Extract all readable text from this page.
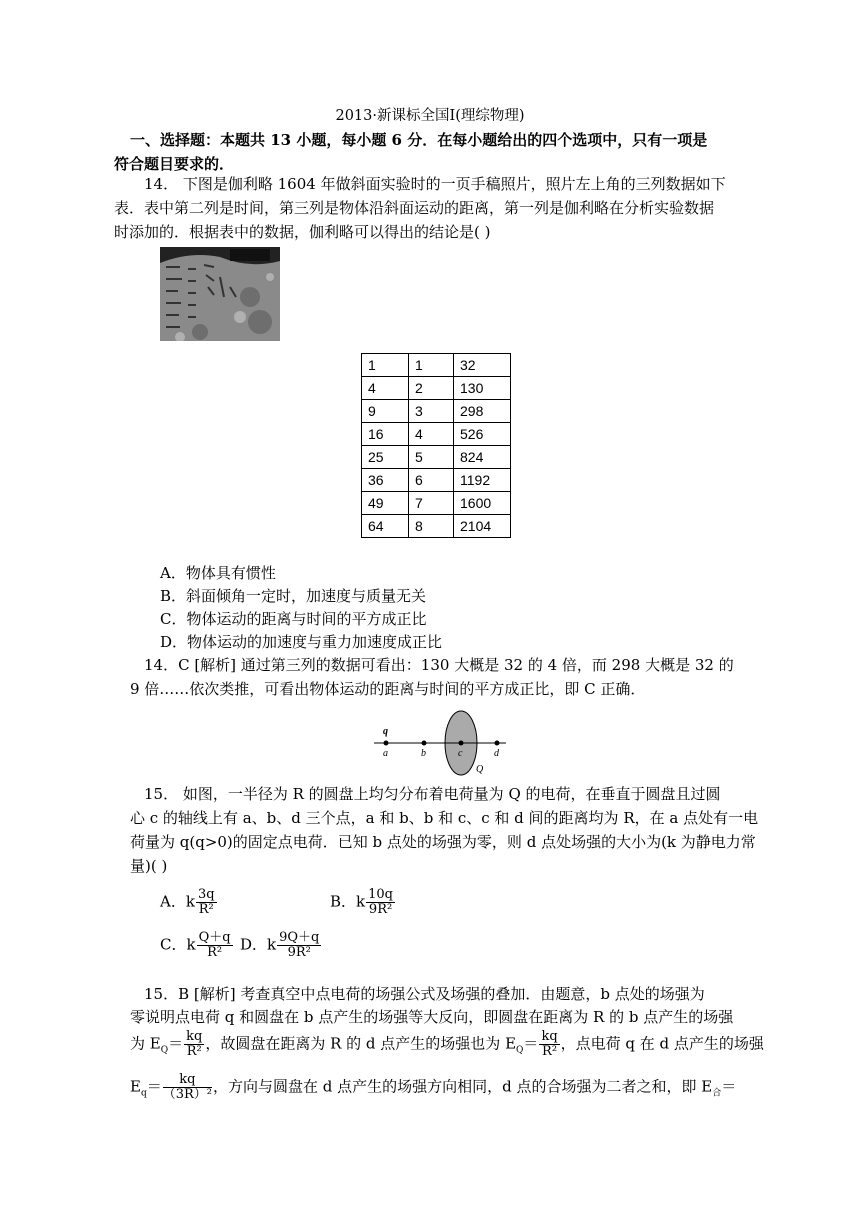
2013·新课标全国Ⅰ(理综物理)
一、选择题：本题共 13 小题，每小题 6 分．在每小题给出的四个选项中，只有一项是
符合题目要求的．
14． 下图是伽利略 1604 年做斜面实验时的一页手稿照片，照片左上角的三列数据如下
表．表中第二列是时间，第三列是物体沿斜面运动的距离，第一列是伽利略在分析实验数据
时添加的．根据表中的数据，伽利略可以得出的结论是( )
1	1	32
4	2	130
9	3	298
16	4	526
25	5	824
36	6	1192
49	7	1600
64	8	2104
A．物体具有惯性
B．斜面倾角一定时，加速度与质量无关
C．物体运动的距离与时间的平方成正比
D．物体运动的加速度与重力加速度成正比
14．C [解析] 通过第三列的数据可看出：130 大概是 32 的 4 倍，而 298 大概是 32 的
9 倍……依次类推，可看出物体运动的距离与时间的平方成正比，即 C 正确．
q
a	b	c	d
Q
15． 如图，一半径为 R 的圆盘上均匀分布着电荷量为 Q 的电荷，在垂直于圆盘且过圆
心 c 的轴线上有 a、b、d 三个点，a 和 b、b 和 c、c 和 d 间的距离均为 R，在 a 点处有一电
荷量为 q(q>0)的固定点电荷．已知 b 点处的场强为零，则 d 点处场强的大小为(k 为静电力常
量)( )
A．k $\frac{3q}{\text{R²}}$	B．k $\frac{10q}{\text{9R²}}$
C．k $\frac{Q+q}{\text{R²}}$ D．k $\frac{9Q+q}{\text{9R²}}$
15．B [解析] 考查真空中点电荷的场强公式及场强的叠加．由题意，b 点处的场强为
零说明点电荷 q 和圆盘在 b 点产生的场强等大反向，即圆盘在距离为 R 的 b 点产生的场强
为 $E_Q= \frac{kq}{\text{R²}}$ ，故圆盘在距离为 R 的 d 点产生的场强也为 $E_Q= \frac{kq}{\text{R²}}$ ，点电荷 q 在 d 点产生的场强
$E_q= \frac{kq}{\text{（3R）²}}$ ，方向与圆盘在 d 点产生的场强方向相同，d 点的合场强为二者之和，即 $E_合=$
